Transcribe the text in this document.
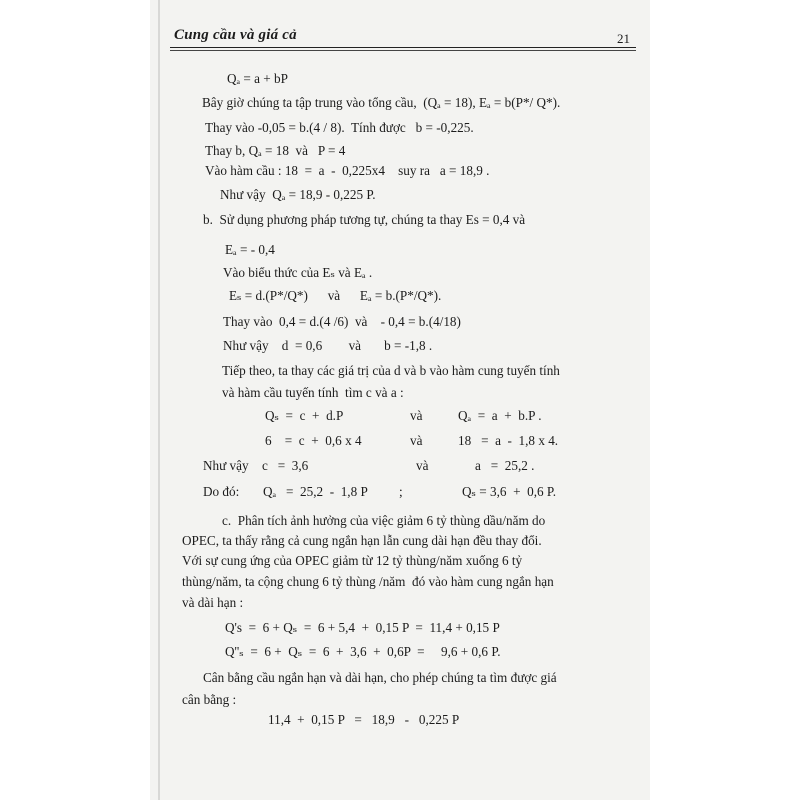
Cung cầu và giá cả	21
Qₐ = a + bP
Bây giờ chúng ta tập trung vào tổng cầu,  (Qₐ = 18), Eₐ = b(P*/ Q*).
Thay vào -0,05 = b.(4 / 8).  Tính được   b = -0,225.
Thay b, Qₐ = 18  và   P = 4
Vào hàm cầu : 18  =  a  -  0,225x4    suy ra   a = 18,9 .
Như vậy  Qₐ = 18,9 - 0,225 P.
b.  Sử dụng phương pháp tương tự, chúng ta thay Es = 0,4 và
Eₐ = - 0,4
Vào biểu thức của Eₛ và Eₐ .
Eₛ = d.(P*/Q*)      và      Eₐ = b.(P*/Q*).
Thay vào  0,4 = d.(4 /6)  và    - 0,4 = b.(4/18)
Như vậy    d  = 0,6        và       b = -1,8 .
Tiếp theo, ta thay các giá trị của d và b vào hàm cung tuyến tính
và hàm cầu tuyến tính  tìm c và a :
Qₛ  =  c  +  d.P	và	Qₐ  =  a  +  b.P .
6    =  c  +  0,6 x 4	và	18   =  a  -  1,8 x 4.
Như vậy c   =  3,6	và	a   =  25,2 .
Do đó: Qₐ   =  25,2  -  1,8 P ;	Qₛ = 3,6  +  0,6 P.
c.  Phân tích ảnh hưởng của việc giảm 6 tỷ thùng dầu/năm do
OPEC, ta thấy rằng cả cung ngắn hạn lẫn cung dài hạn đều thay đổi.
Với sự cung ứng của OPEC giảm từ 12 tỷ thùng/năm xuống 6 tỷ
thùng/năm, ta cộng chung 6 tỷ thùng /năm  đó vào hàm cung ngắn hạn
và dài hạn :
Q's  =  6 + Qₛ  =  6 + 5,4  +  0,15 P  =  11,4 + 0,15 P
Q''ₛ  =  6 +  Qₛ  =  6  +  3,6  +  0,6P  =     9,6 + 0,6 P.
Cân bằng cầu ngắn hạn và dài hạn, cho phép chúng ta tìm được giá
cân bằng :
11,4  +  0,15 P   =   18,9   -   0,225 P
